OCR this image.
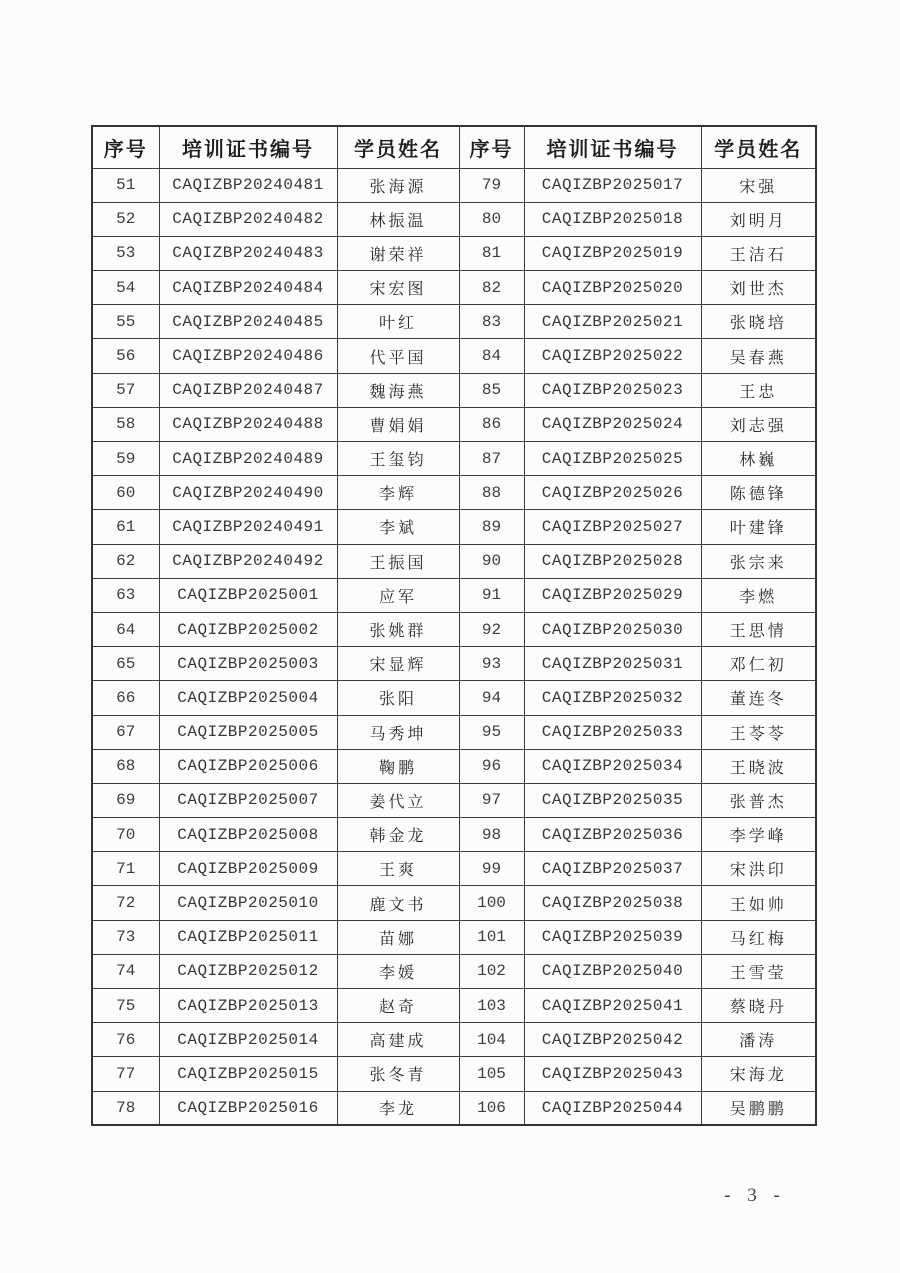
序号	培训证书编号	学员姓名	序号	培训证书编号	学员姓名
51	CAQIZBP20240481	张海源	79	CAQIZBP2025017	宋强
52	CAQIZBP20240482	林振温	80	CAQIZBP2025018	刘明月
53	CAQIZBP20240483	谢荣祥	81	CAQIZBP2025019	王洁石
54	CAQIZBP20240484	宋宏图	82	CAQIZBP2025020	刘世杰
55	CAQIZBP20240485	叶红	83	CAQIZBP2025021	张晓培
56	CAQIZBP20240486	代平国	84	CAQIZBP2025022	吴春燕
57	CAQIZBP20240487	魏海燕	85	CAQIZBP2025023	王忠
58	CAQIZBP20240488	曹娟娟	86	CAQIZBP2025024	刘志强
59	CAQIZBP20240489	王玺钧	87	CAQIZBP2025025	林巍
60	CAQIZBP20240490	李辉	88	CAQIZBP2025026	陈德锋
61	CAQIZBP20240491	李斌	89	CAQIZBP2025027	叶建锋
62	CAQIZBP20240492	王振国	90	CAQIZBP2025028	张宗来
63	CAQIZBP2025001	应军	91	CAQIZBP2025029	李燃
64	CAQIZBP2025002	张姚群	92	CAQIZBP2025030	王思情
65	CAQIZBP2025003	宋显辉	93	CAQIZBP2025031	邓仁初
66	CAQIZBP2025004	张阳	94	CAQIZBP2025032	董连冬
67	CAQIZBP2025005	马秀坤	95	CAQIZBP2025033	王苓苓
68	CAQIZBP2025006	鞠鹏	96	CAQIZBP2025034	王晓波
69	CAQIZBP2025007	姜代立	97	CAQIZBP2025035	张普杰
70	CAQIZBP2025008	韩金龙	98	CAQIZBP2025036	李学峰
71	CAQIZBP2025009	王爽	99	CAQIZBP2025037	宋洪印
72	CAQIZBP2025010	鹿文书	100	CAQIZBP2025038	王如帅
73	CAQIZBP2025011	苗娜	101	CAQIZBP2025039	马红梅
74	CAQIZBP2025012	李媛	102	CAQIZBP2025040	王雪莹
75	CAQIZBP2025013	赵奇	103	CAQIZBP2025041	蔡晓丹
76	CAQIZBP2025014	高建成	104	CAQIZBP2025042	潘涛
77	CAQIZBP2025015	张冬青	105	CAQIZBP2025043	宋海龙
78	CAQIZBP2025016	李龙	106	CAQIZBP2025044	吴鹏鹏
- 3 -
